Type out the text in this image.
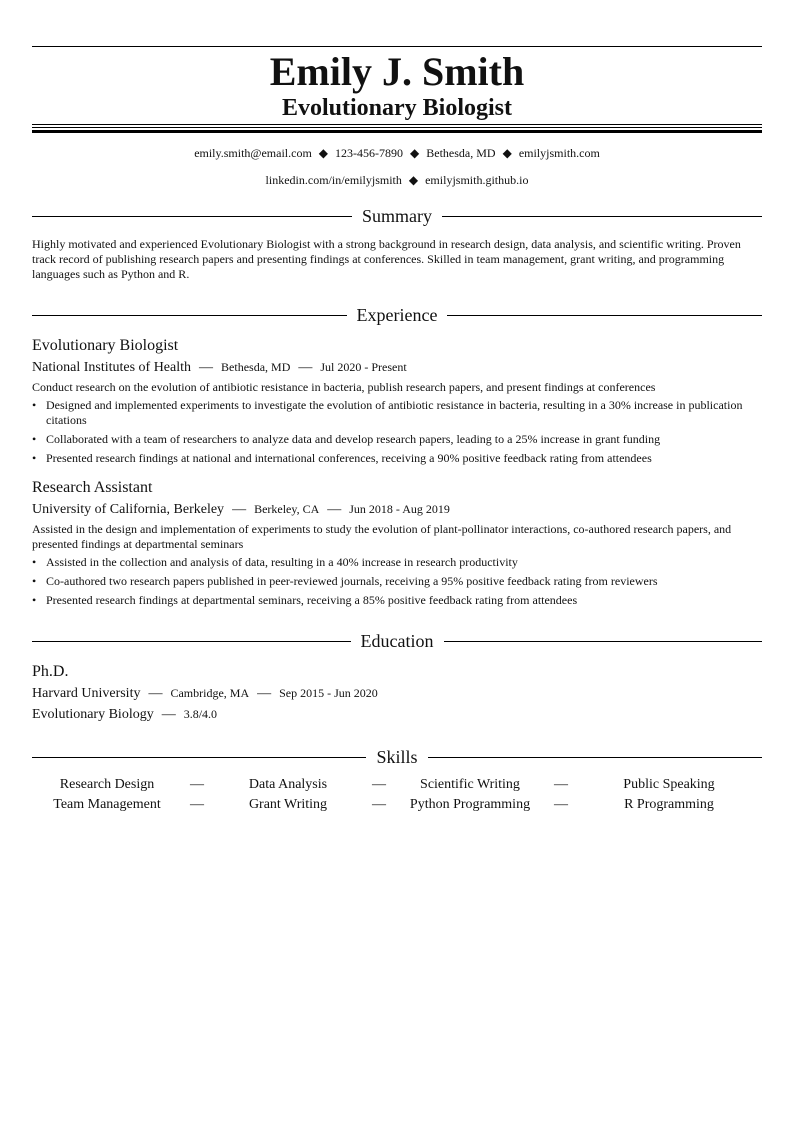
Emily J. Smith
Evolutionary Biologist
emily.smith@email.com ◆ 123-456-7890 ◆ Bethesda, MD ◆ emilyjsmith.com
linkedin.com/in/emilyjsmith ◆ emilyjsmith.github.io
Summary
Highly motivated and experienced Evolutionary Biologist with a strong background in research design, data analysis, and scientific writing. Proven track record of publishing research papers and presenting findings at conferences. Skilled in team management, grant writing, and programming languages such as Python and R.
Experience
Evolutionary Biologist
National Institutes of Health — Bethesda, MD — Jul 2020 - Present
Conduct research on the evolution of antibiotic resistance in bacteria, publish research papers, and present findings at conferences
• Designed and implemented experiments to investigate the evolution of antibiotic resistance in bacteria, resulting in a 30% increase in publication citations
• Collaborated with a team of researchers to analyze data and develop research papers, leading to a 25% increase in grant funding
• Presented research findings at national and international conferences, receiving a 90% positive feedback rating from attendees
Research Assistant
University of California, Berkeley — Berkeley, CA — Jun 2018 - Aug 2019
Assisted in the design and implementation of experiments to study the evolution of plant-pollinator interactions, co-authored research papers, and presented findings at departmental seminars
• Assisted in the collection and analysis of data, resulting in a 40% increase in research productivity
• Co-authored two research papers published in peer-reviewed journals, receiving a 95% positive feedback rating from reviewers
• Presented research findings at departmental seminars, receiving a 85% positive feedback rating from attendees
Education
Ph.D.
Harvard University — Cambridge, MA — Sep 2015 - Jun 2020
Evolutionary Biology — 3.8/4.0
Skills
Research Design	—	Data Analysis	—	Scientific Writing	—	Public Speaking
Team Management	—	Grant Writing	—	Python Programming	—	R Programming
